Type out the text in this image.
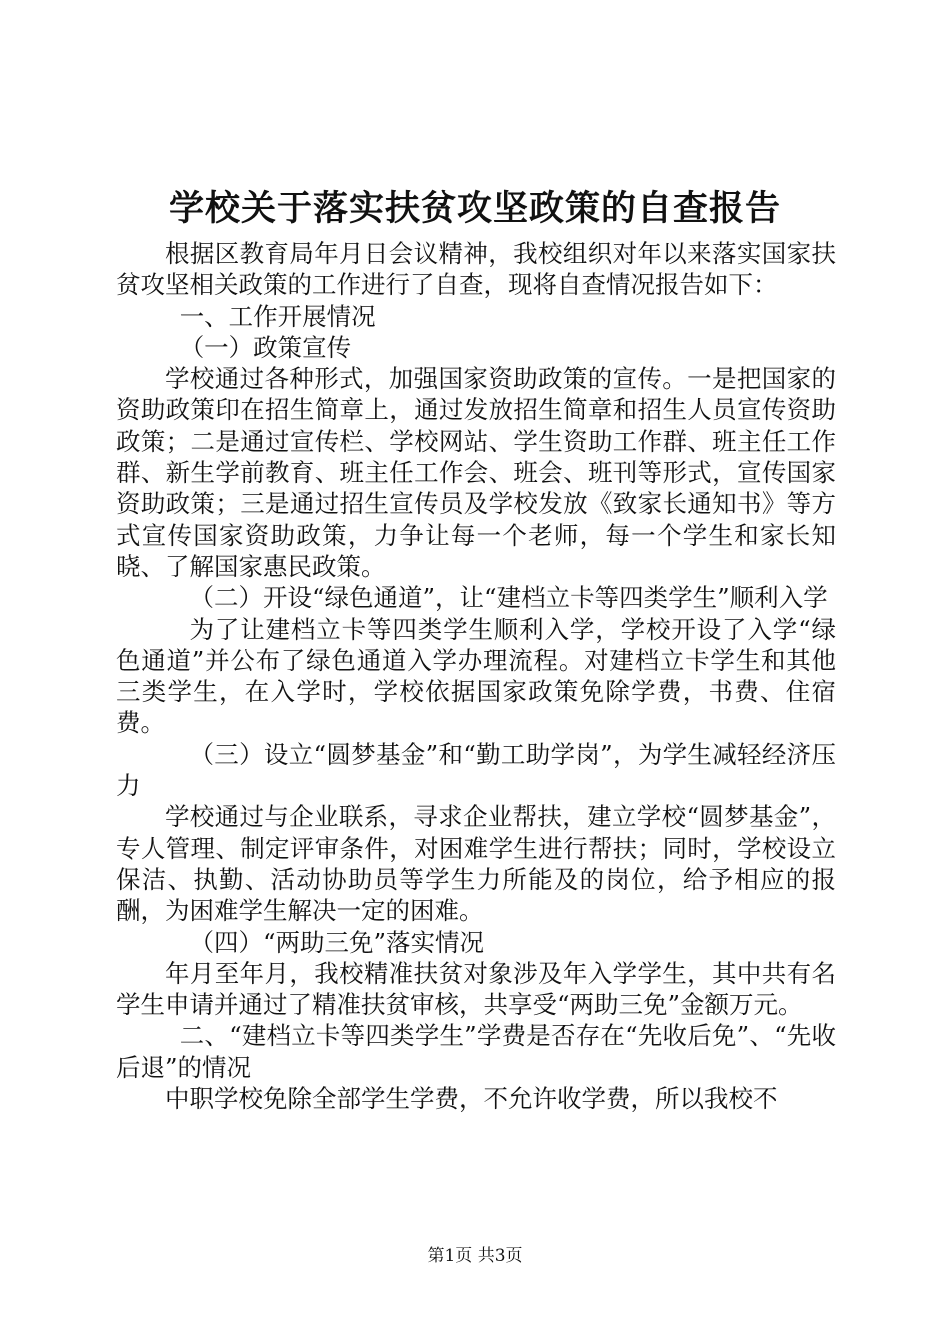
学校关于落实扶贫攻坚政策的自查报告

根据区教育局年月日会议精神，我校组织对年以来落实国家扶贫攻坚相关政策的工作进行了自查，现将自查情况报告如下：

一、工作开展情况

（一）政策宣传

学校通过各种形式，加强国家资助政策的宣传。一是把国家的资助政策印在招生简章上，通过发放招生简章和招生人员宣传资助政策；二是通过宣传栏、学校网站、学生资助工作群、班主任工作群、新生学前教育、班主任工作会、班会、班刊等形式，宣传国家资助政策；三是通过招生宣传员及学校发放《致家长通知书》等方式宣传国家资助政策，力争让每一个老师，每一个学生和家长知晓、了解国家惠民政策。

（二）开设“绿色通道”，让“建档立卡等四类学生”顺利入学

为了让建档立卡等四类学生顺利入学，学校开设了入学“绿色通道”并公布了绿色通道入学办理流程。对建档立卡学生和其他三类学生，在入学时，学校依据国家政策免除学费，书费、住宿费。

（三）设立“圆梦基金”和“勤工助学岗”，为学生减轻经济压力

学校通过与企业联系，寻求企业帮扶，建立学校“圆梦基金”，专人管理、制定评审条件，对困难学生进行帮扶；同时，学校设立保洁、执勤、活动协助员等学生力所能及的岗位，给予相应的报酬，为困难学生解决一定的困难。

（四）“两助三免”落实情况

年月至年月，我校精准扶贫对象涉及年入学学生，其中共有名学生申请并通过了精准扶贫审核，共享受“两助三免”金额万元。

二、“建档立卡等四类学生”学费是否存在“先收后免”、“先收后退”的情况

中职学校免除全部学生学费，不允许收学费，所以我校不

第1页 共3页
